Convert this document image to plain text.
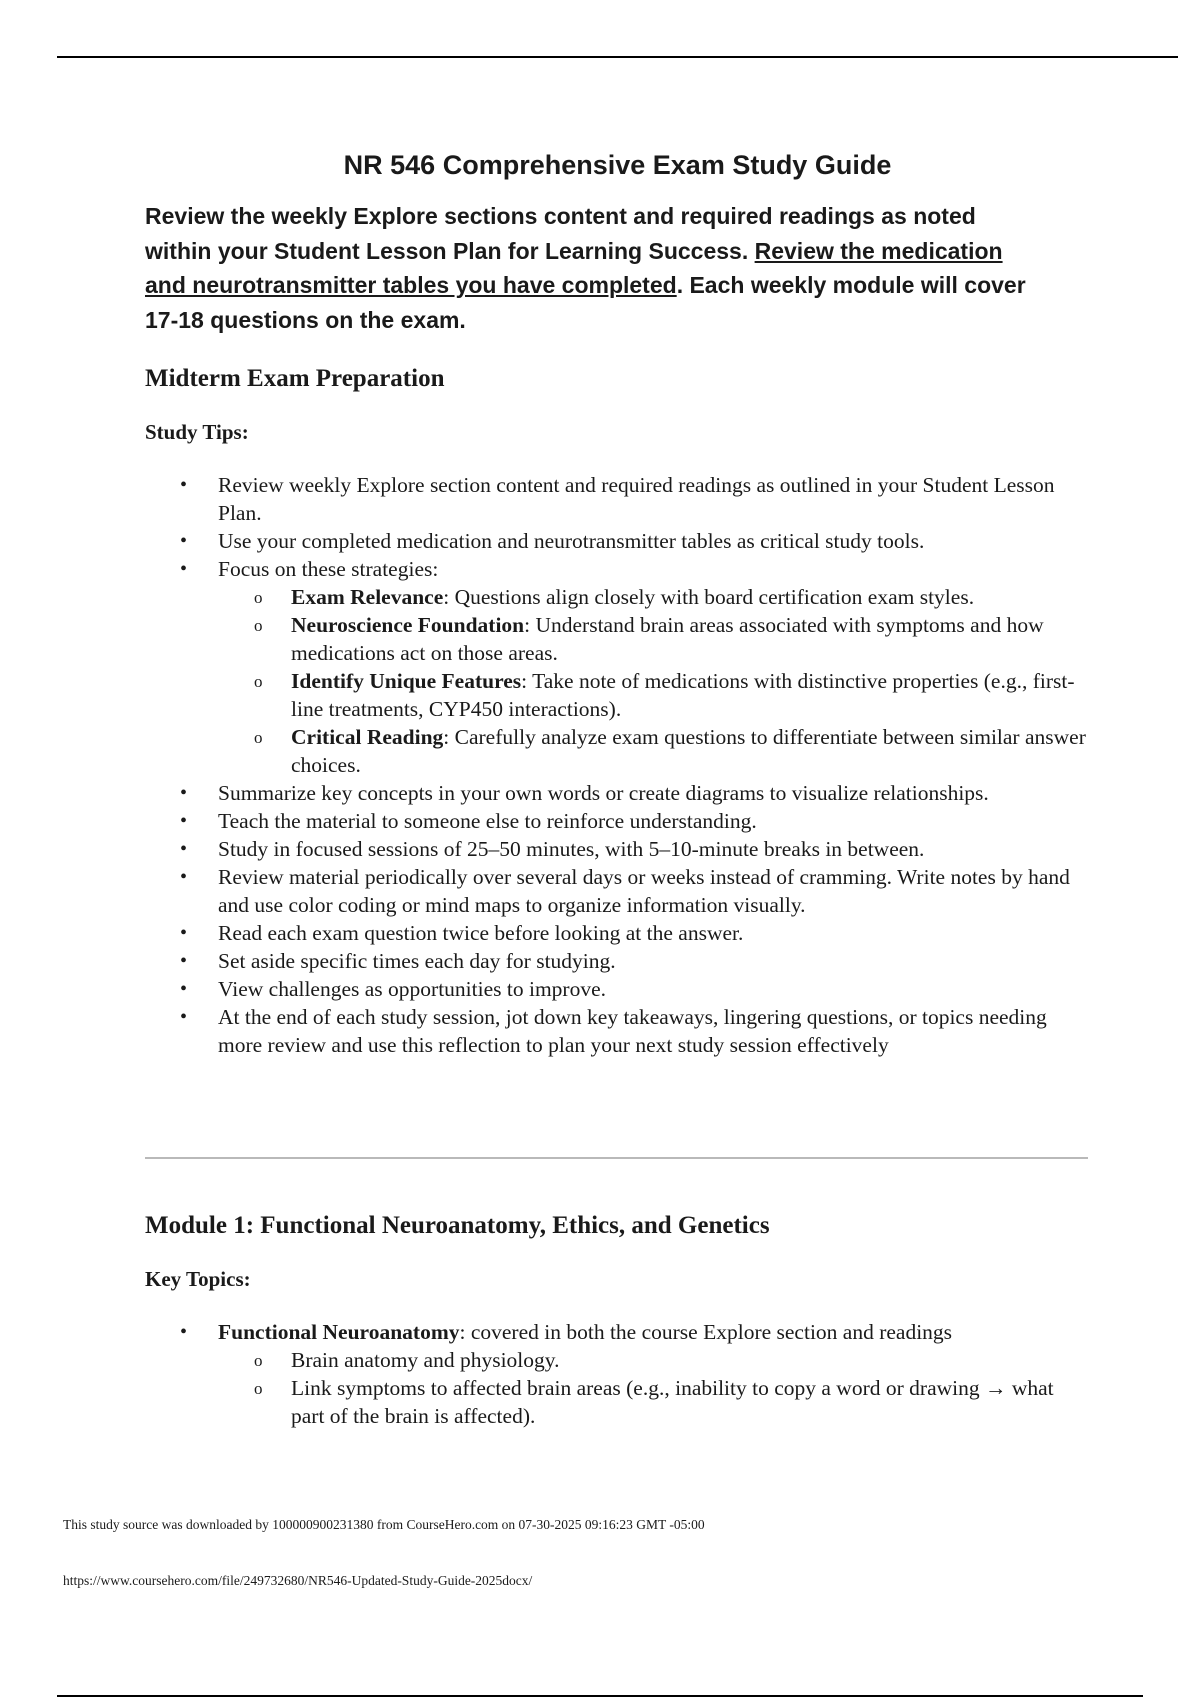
NR 546 Comprehensive Exam Study Guide

Review the weekly Explore sections content and required readings as noted within your Student Lesson Plan for Learning Success. Review the medication and neurotransmitter tables you have completed. Each weekly module will cover 17-18 questions on the exam.

Midterm Exam Preparation
Study Tips:
• Review weekly Explore section content and required readings as outlined in your Student Lesson Plan.
• Use your completed medication and neurotransmitter tables as critical study tools.
• Focus on these strategies:
o Exam Relevance: Questions align closely with board certification exam styles.
o Neuroscience Foundation: Understand brain areas associated with symptoms and how medications act on those areas.
o Identify Unique Features: Take note of medications with distinctive properties (e.g., first-line treatments, CYP450 interactions).
o Critical Reading: Carefully analyze exam questions to differentiate between similar answer choices.
• Summarize key concepts in your own words or create diagrams to visualize relationships.
• Teach the material to someone else to reinforce understanding.
• Study in focused sessions of 25–50 minutes, with 5–10-minute breaks in between.
• Review material periodically over several days or weeks instead of cramming. Write notes by hand and use color coding or mind maps to organize information visually.
• Read each exam question twice before looking at the answer.
• Set aside specific times each day for studying.
• View challenges as opportunities to improve.
• At the end of each study session, jot down key takeaways, lingering questions, or topics needing more review and use this reflection to plan your next study session effectively
Module 1: Functional Neuroanatomy, Ethics, and Genetics
Key Topics:
• Functional Neuroanatomy: covered in both the course Explore section and readings
o Brain anatomy and physiology.
o Link symptoms to affected brain areas (e.g., inability to copy a word or drawing → what part of the brain is affected).
This study source was downloaded by 100000900231380 from CourseHero.com on 07-30-2025 09:16:23 GMT -05:00
https://www.coursehero.com/file/249732680/NR546-Updated-Study-Guide-2025docx/
